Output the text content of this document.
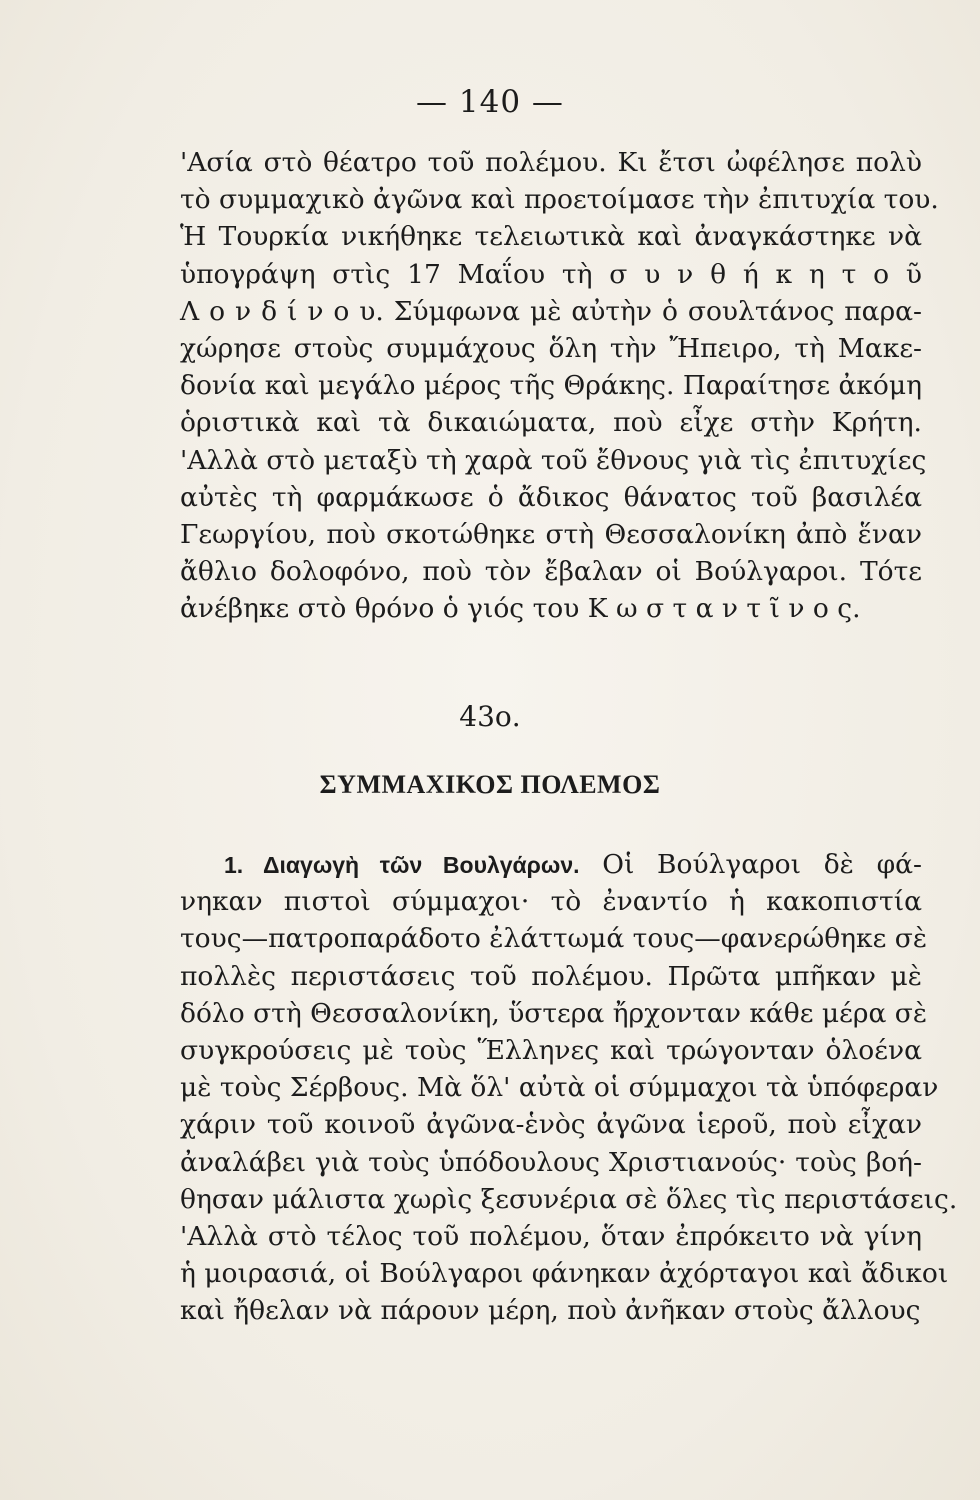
— 140 —
'Ασία στὸ θέατρο τοῦ πολέμου. Κι ἔτσι ὠφέλησε πολὺ
τὸ συμμαχικὸ ἀγῶνα καὶ προετοίμασε τὴν ἐπιτυχία του.
Ἡ Τουρκία νικήθηκε τελειωτικὰ καὶ ἀναγκάστηκε νὰ
ὑπογράψη στὶς 17 Μαΐου τὴ σ υ ν θ ή κ η τ ο ῦ
Λ ο ν δ ί ν ο υ. Σύμφωνα μὲ αὐτὴν ὁ σουλτάνος παρα-
χώρησε στοὺς συμμάχους ὅλη τὴν Ἤπειρο, τὴ Μακε-
δονία καὶ μεγάλο μέρος τῆς Θράκης. Παραίτησε ἀκόμη
ὁριστικὰ καὶ τὰ δικαιώματα, ποὺ εἶχε στὴν Κρήτη.
'Αλλὰ στὸ μεταξὺ τὴ χαρὰ τοῦ ἔθνους γιὰ τὶς ἐπιτυχίες
αὐτὲς τὴ φαρμάκωσε ὁ ἄδικος θάνατος τοῦ βασιλέα
Γεωργίου, ποὺ σκοτώθηκε στὴ Θεσσαλονίκη ἀπὸ ἕναν
ἄθλιο δολοφόνο, ποὺ τὸν ἔβαλαν οἱ Βούλγαροι. Τότε
ἀνέβηκε στὸ θρόνο ὁ γιός του Κ ω σ τ α ν τ ῖ ν ο ς.
43ο.
ΣΥΜΜΑΧΙΚΟΣ ΠΟΛΕΜΟΣ
1. Διαγωγὴ τῶν Βουλγάρων. Οἱ Βούλγαροι δὲ φά-
νηκαν πιστοὶ σύμμαχοι· τὸ ἐναντίο ἡ κακοπιστία
τους—πατροπαράδοτο ἐλάττωμά τους—φανερώθηκε σὲ
πολλὲς περιστάσεις τοῦ πολέμου. Πρῶτα μπῆκαν μὲ
δόλο στὴ Θεσσαλονίκη, ὕστερα ἤρχονταν κάθε μέρα σὲ
συγκρούσεις μὲ τοὺς Ἕλληνες καὶ τρώγονταν ὁλοένα
μὲ τοὺς Σέρβους. Μὰ ὅλ' αὐτὰ οἱ σύμμαχοι τὰ ὑπόφεραν
χάριν τοῦ κοινοῦ ἀγῶνα-ἑνὸς ἀγῶνα ἱεροῦ, ποὺ εἶχαν
ἀναλάβει γιὰ τοὺς ὑπόδουλους Χριστιανούς· τοὺς βοή-
θησαν μάλιστα χωρὶς ξεσυνέρια σὲ ὅλες τὶς περιστάσεις.
'Αλλὰ στὸ τέλος τοῦ πολέμου, ὅταν ἐπρόκειτο νὰ γίνη
ἡ μοιρασιά, οἱ Βούλγαροι φάνηκαν ἀχόρταγοι καὶ ἄδικοι
καὶ ἤθελαν νὰ πάρουν μέρη, ποὺ ἀνῆκαν στοὺς ἄλλους
